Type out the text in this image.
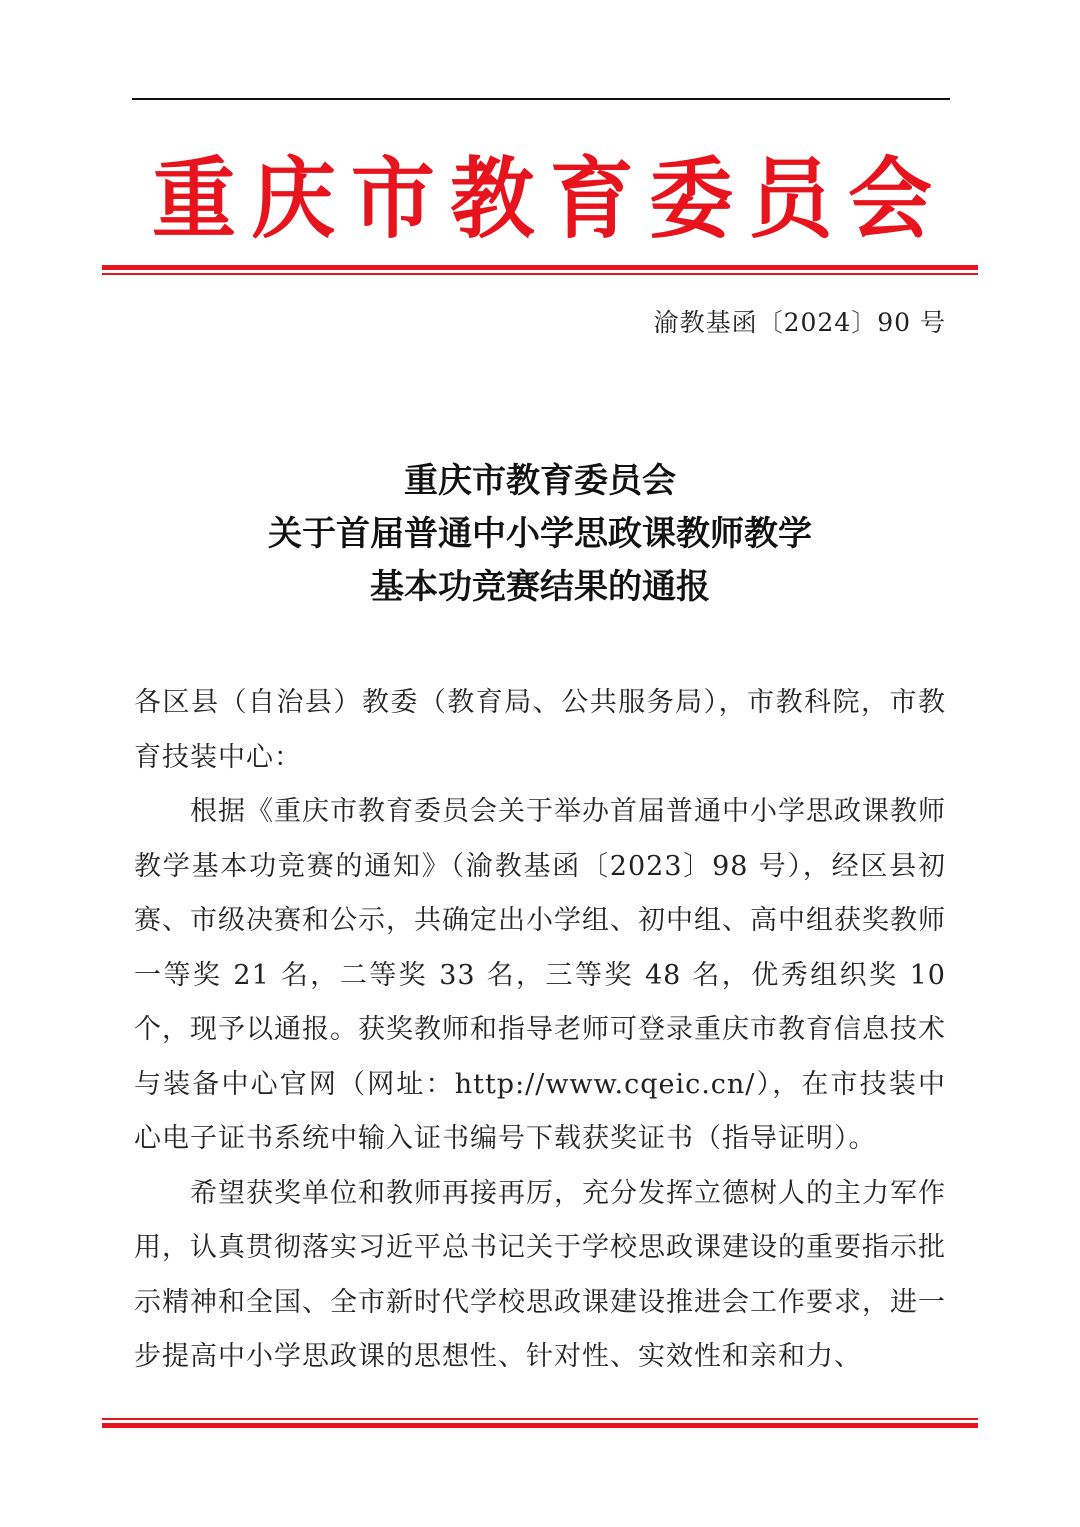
重 庆 市 教 育 委 员 会
渝教基函〔2024〕90 号
重庆市教育委员会
关于首届普通中小学思政课教师教学
基本功竞赛结果的通报

各区县（自治县）教委（教育局、公共服务局），市教科院，市教育技装中心：

根据《重庆市教育委员会关于举办首届普通中小学思政课教师教学基本功竞赛的通知》（渝教基函〔2023〕98 号），经区县初赛、市级决赛和公示，共确定出小学组、初中组、高中组获奖教师一等奖 21 名，二等奖 33 名，三等奖 48 名，优秀组织奖 10 个，现予以通报。获奖教师和指导老师可登录重庆市教育信息技术与装备中心官网（网址：http://www.cqeic.cn/），在市技装中心电子证书系统中输入证书编号下载获奖证书（指导证明）。

希望获奖单位和教师再接再厉，充分发挥立德树人的主力军作用，认真贯彻落实习近平总书记关于学校思政课建设的重要指示批示精神和全国、全市新时代学校思政课建设推进会工作要求，进一步提高中小学思政课的思想性、针对性、实效性和亲和力、
